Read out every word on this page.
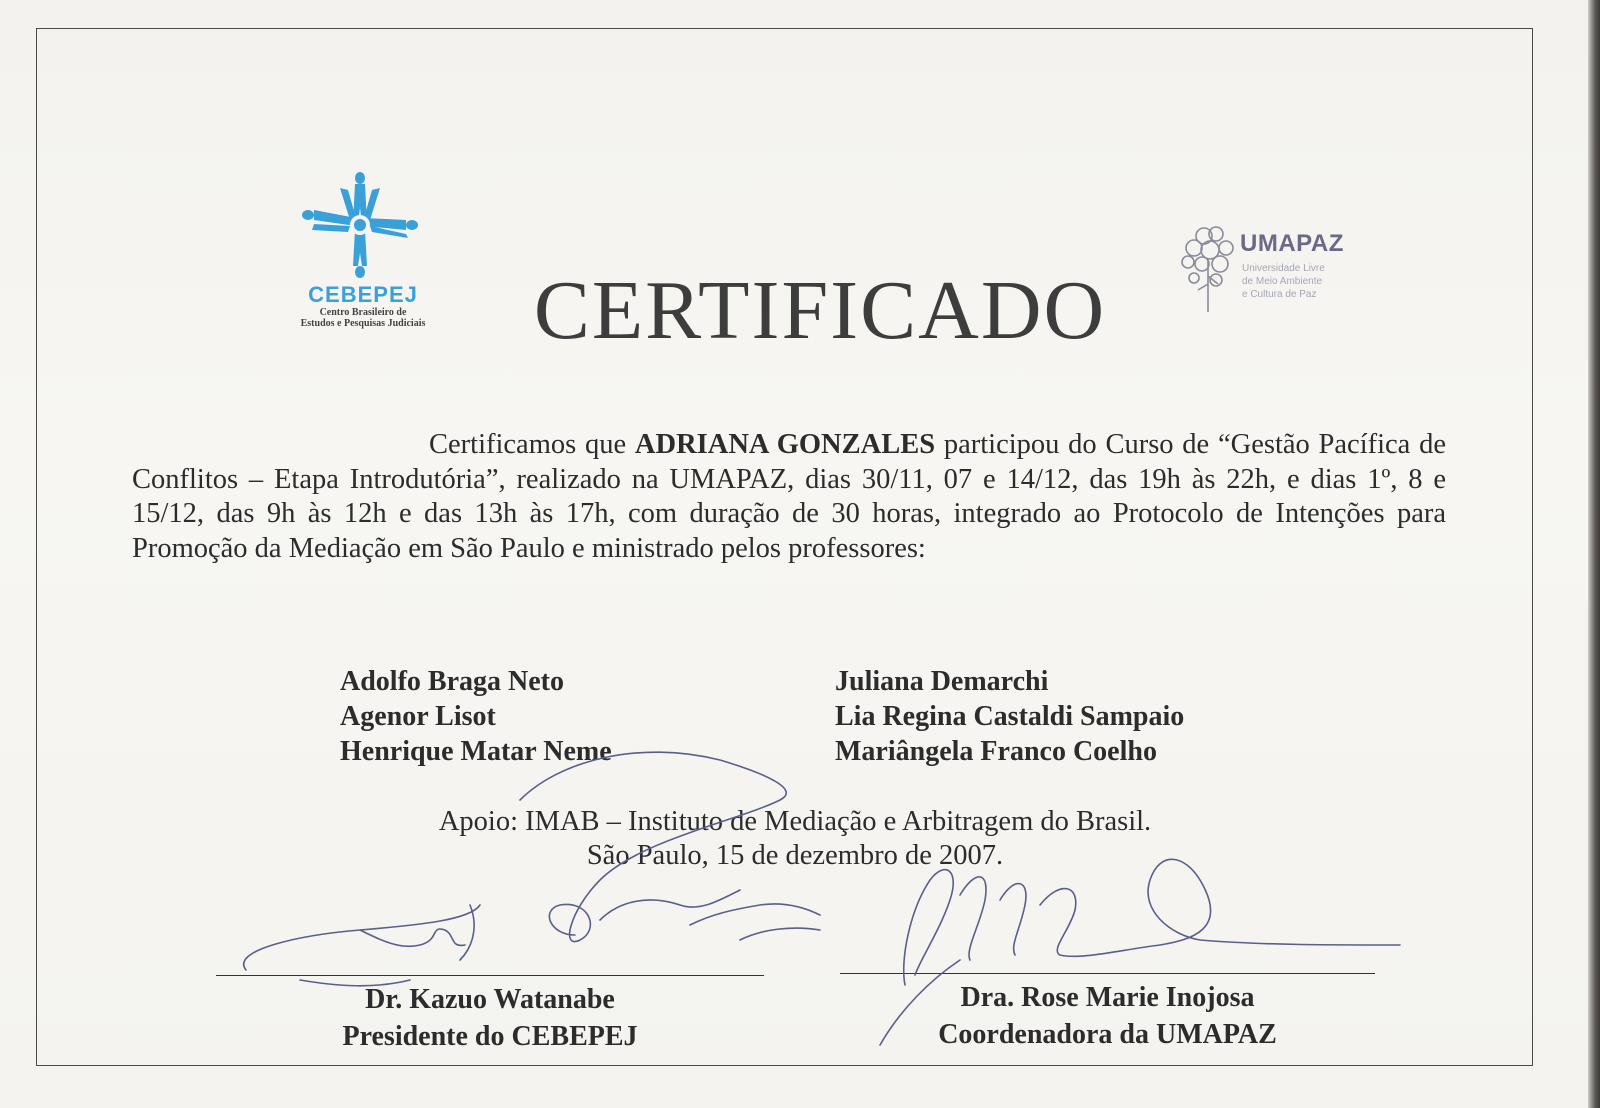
CEBEPEJ
Centro Brasileiro de
Estudos e Pesquisas Judiciais	CERTIFICADO
UMAPAZ
Universidade Livre
de Meio Ambiente
e Cultura de Paz
Certificamos que ADRIANA GONZALES participou do Curso de “Gestão Pacífica de Conflitos – Etapa Introdutória”, realizado na UMAPAZ, dias 30/11, 07 e 14/12, das 19h às 22h, e dias 1º, 8 e 15/12, das 9h às 12h e das 13h às 17h, com duração de 30 horas, integrado ao Protocolo de Intenções para Promoção da Mediação em São Paulo e ministrado pelos professores:
Adolfo Braga Neto
Agenor Lisot
Henrique Matar Neme
Juliana Demarchi
Lia Regina Castaldi Sampaio
Mariângela Franco Coelho
Apoio: IMAB – Instituto de Mediação e Arbitragem do Brasil.
São Paulo, 15 de dezembro de 2007.
Dr. Kazuo Watanabe
Presidente do CEBEPEJ
Dra. Rose Marie Inojosa
Coordenadora da UMAPAZ
